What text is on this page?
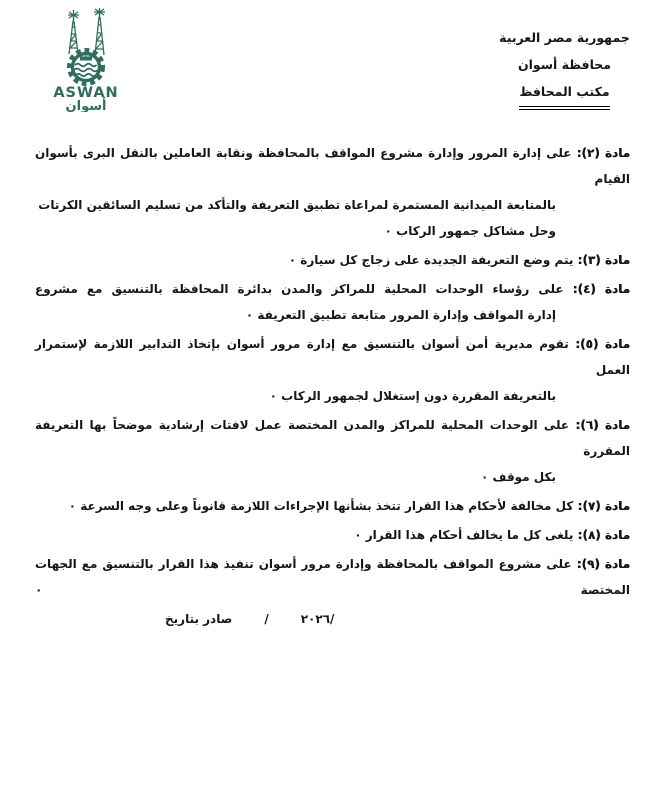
ASWAN
أسوان
جمهورية مصر العربية
محافظة أسوان
مكتب المحافظ
مادة (٢): على إدارة المرور وإدارة مشروع المواقف بالمحافظة ونقابة العاملين بالنقل البرى بأسوان القيام
بالمتابعة الميدانية المستمرة لمراعاة تطبيق التعريفة والتأكد من تسليم السائقين الكرتات
وحل مشاكل جمهور الركاب ٠
مادة (٣): يتم وضع التعريفة الجديدة على زجاج كل سيارة ٠
مادة (٤): على رؤساء الوحدات المحلية للمراكز والمدن بدائرة المحافظة بالتنسيق مع مشروع
إدارة المواقف وإدارة المرور متابعة تطبيق التعريفة ٠
مادة (٥): تقوم مديرية أمن أسوان بالتنسيق مع إدارة مرور أسوان بإتخاذ التدابير اللازمة لإستمرار العمل
بالتعريفة المقررة دون إستغلال لجمهور الركاب ٠
مادة (٦): على الوحدات المحلية للمراكز والمدن المختصة عمل لافتات إرشادية موضحاً بها التعريفة المقررة
بكل موقف ٠
مادة (٧): كل مخالفة لأحكام هذا القرار تتخذ بشأنها الإجراءات اللازمة قانوناً وعلى وجه السرعة ٠
مادة (٨): يلغى كل ما يخالف أحكام هذا القرار ٠
مادة (٩): على مشروع المواقف بالمحافظة وإدارة مرور أسوان تنفيذ هذا القرار بالتنسيق مع الجهات المختصة ٠
صادر بتاريخ	/	/٢٠٢٦
